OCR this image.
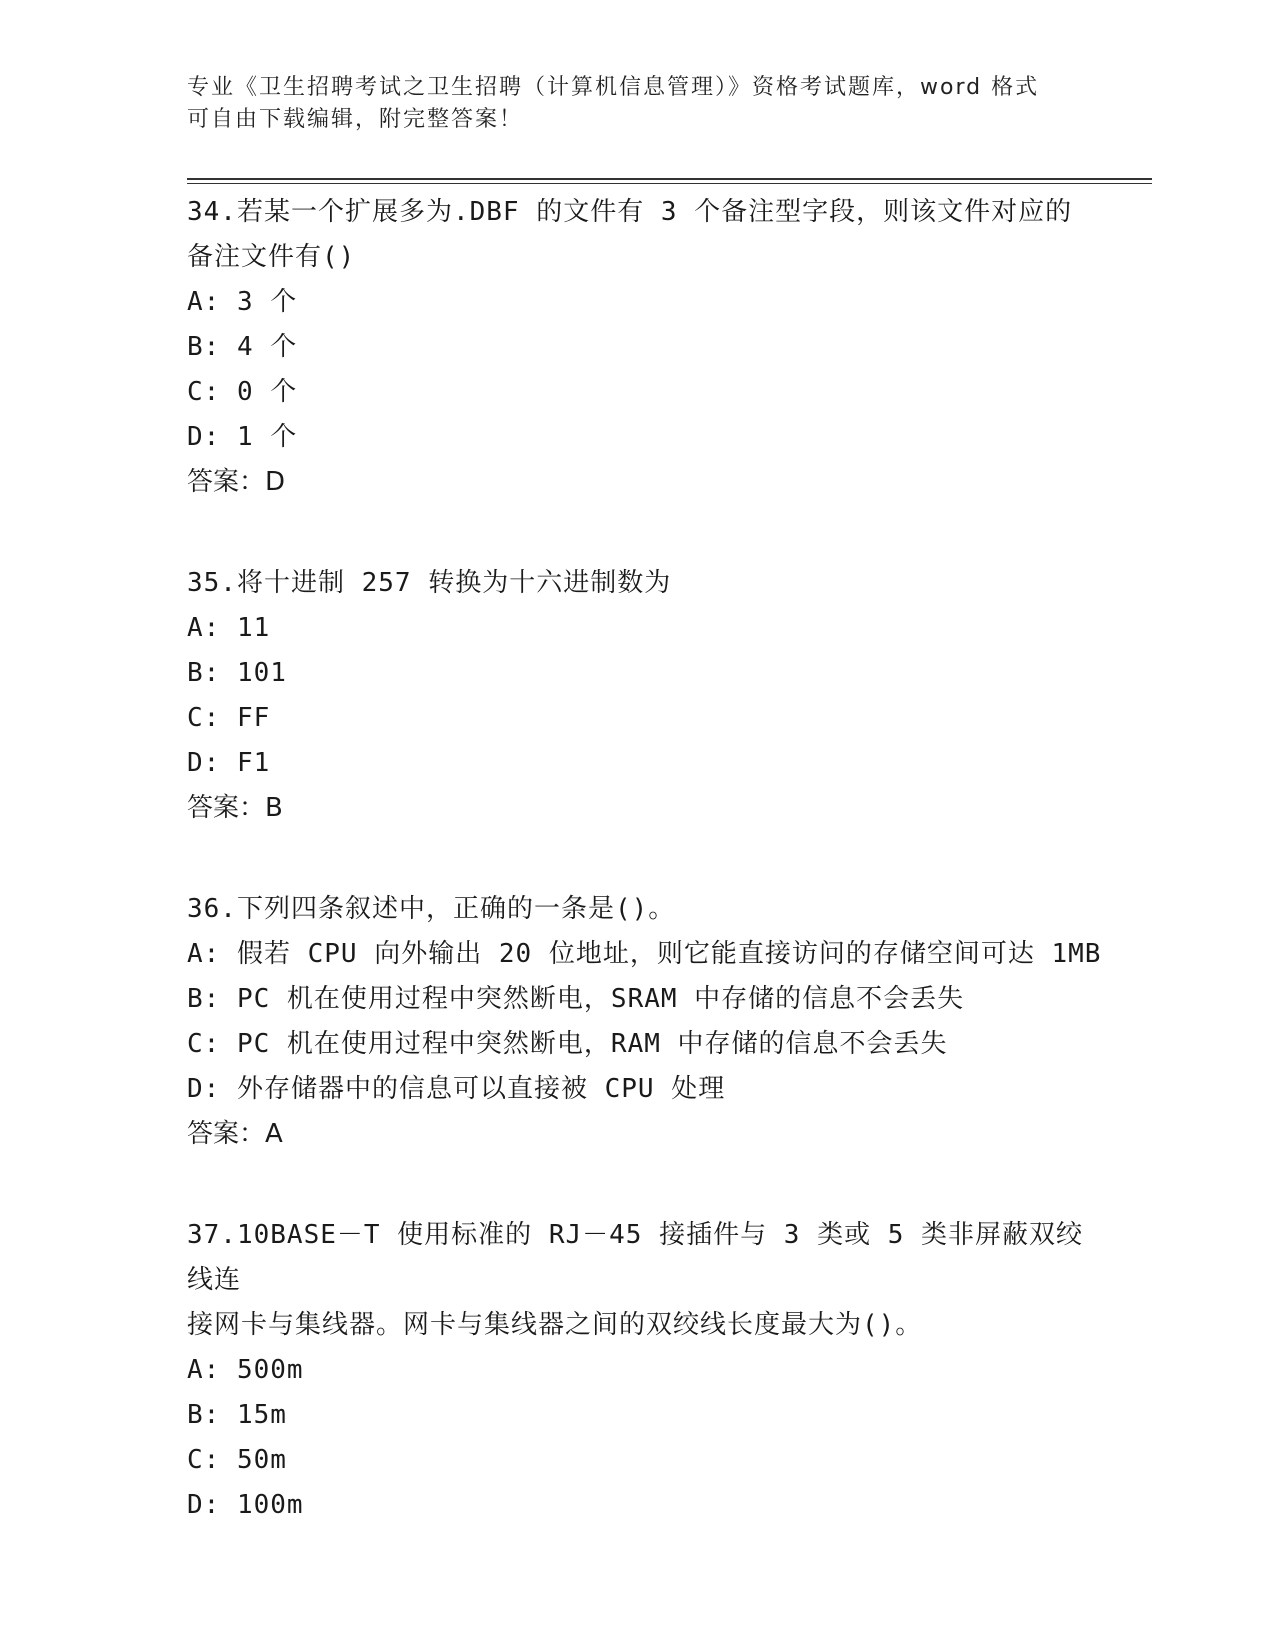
专业《卫生招聘考试之卫生招聘（计算机信息管理）》资格考试题库，word 格式
可自由下载编辑，附完整答案！
34.若某一个扩展多为.DBF 的文件有 3 个备注型字段，则该文件对应的
备注文件有()
A: 3 个
B: 4 个
C: 0 个
D: 1 个
答案：D
35.将十进制 257 转换为十六进制数为
A: 11
B: 101
C: FF
D: F1
答案：B
36.下列四条叙述中，正确的一条是()。
A: 假若 CPU 向外输出 20 位地址，则它能直接访问的存储空间可达 1MB
B: PC 机在使用过程中突然断电，SRAM 中存储的信息不会丢失
C: PC 机在使用过程中突然断电，RAM 中存储的信息不会丢失
D: 外存储器中的信息可以直接被 CPU 处理
答案：A
37.10BASE－T 使用标准的 RJ－45 接插件与 3 类或 5 类非屏蔽双绞线连
接网卡与集线器。网卡与集线器之间的双绞线长度最大为()。
A: 500m
B: 15m
C: 50m
D: 100m
